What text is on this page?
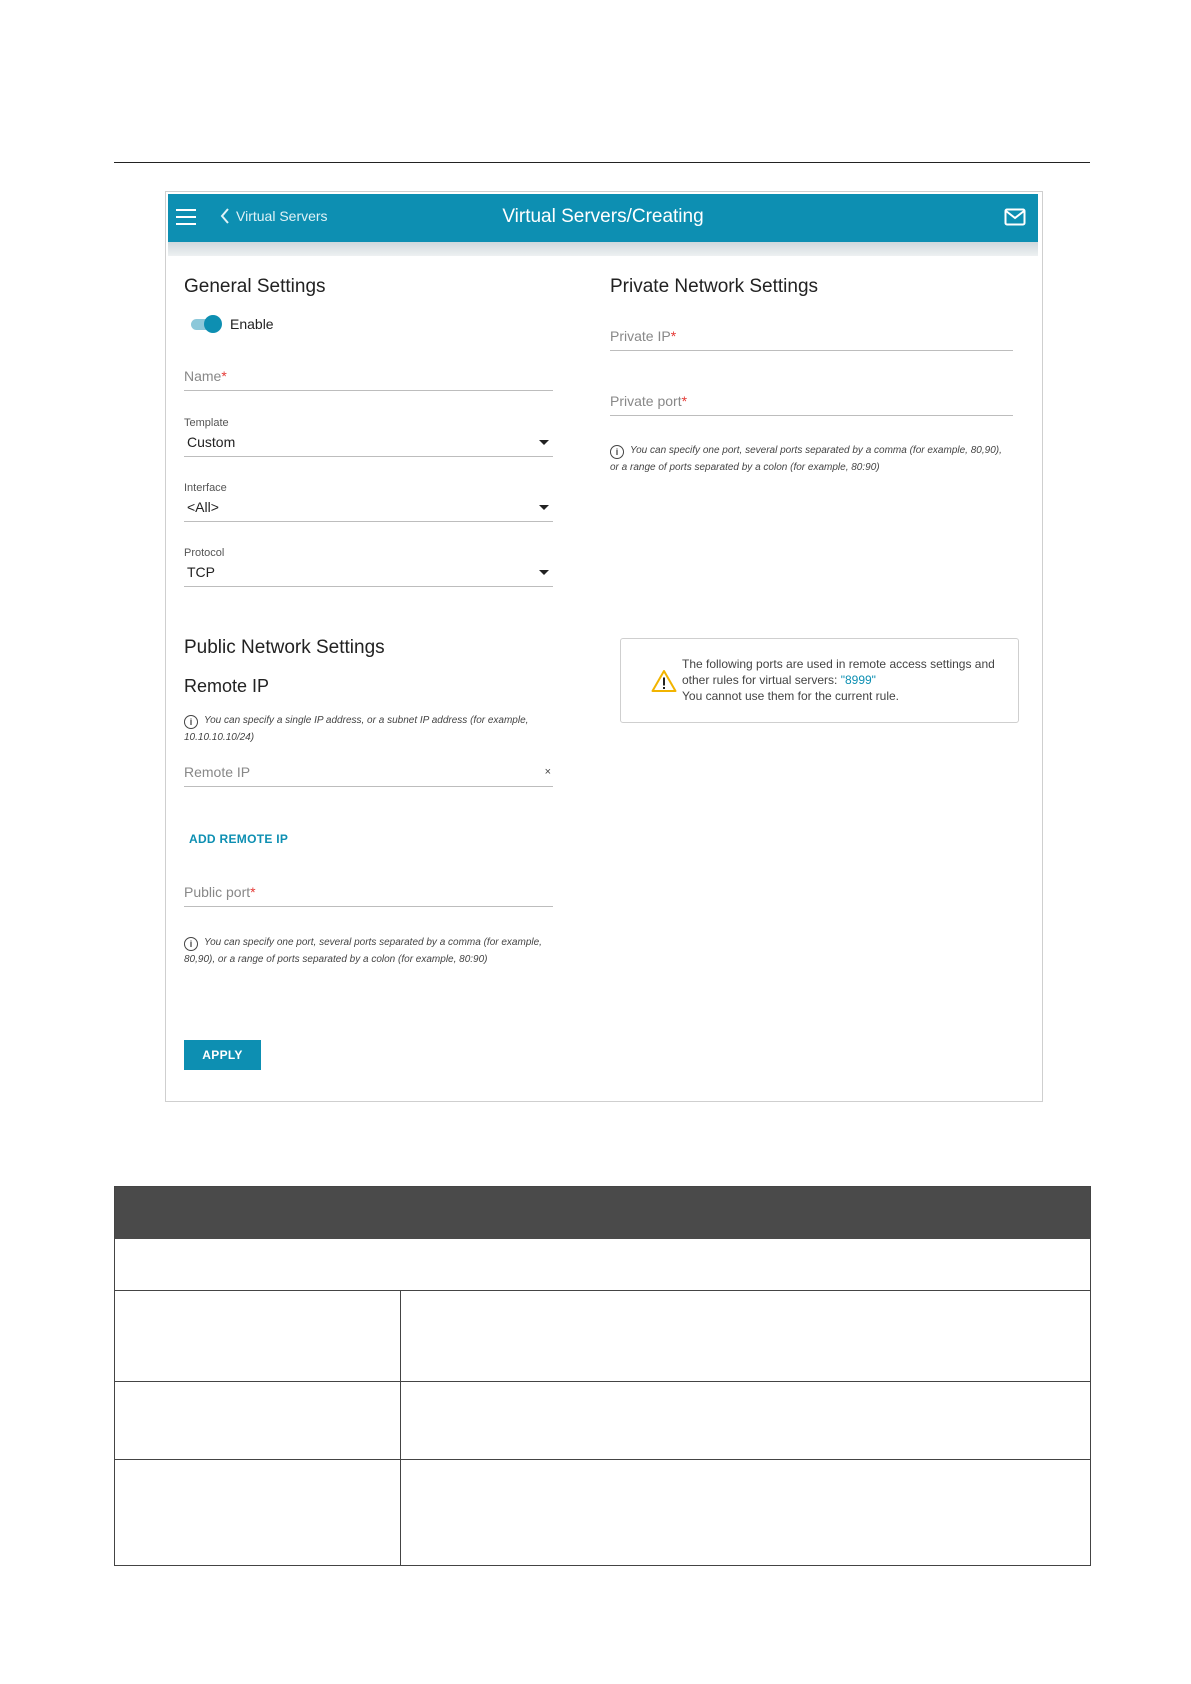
Virtual Servers	Virtual Servers/Creating
General Settings
Enable
Name*
Template
Custom
Interface
<All>
Protocol
TCP
Public Network Settings
Remote IP
i You can specify a single IP address, or a subnet IP address (for example, 10.10.10.10/24)
Remote IP	×
ADD REMOTE IP
Public port*
i You can specify one port, several ports separated by a comma (for example, 80,90), or a range of ports separated by a colon (for example, 80:90)
APPLY
Private Network Settings
Private IP*
Private port*
i You can specify one port, several ports separated by a comma (for example, 80,90), or a range of ports separated by a colon (for example, 80:90)
The following ports are used in remote access settings and other rules for virtual servers: "8999"
You cannot use them for the current rule.
